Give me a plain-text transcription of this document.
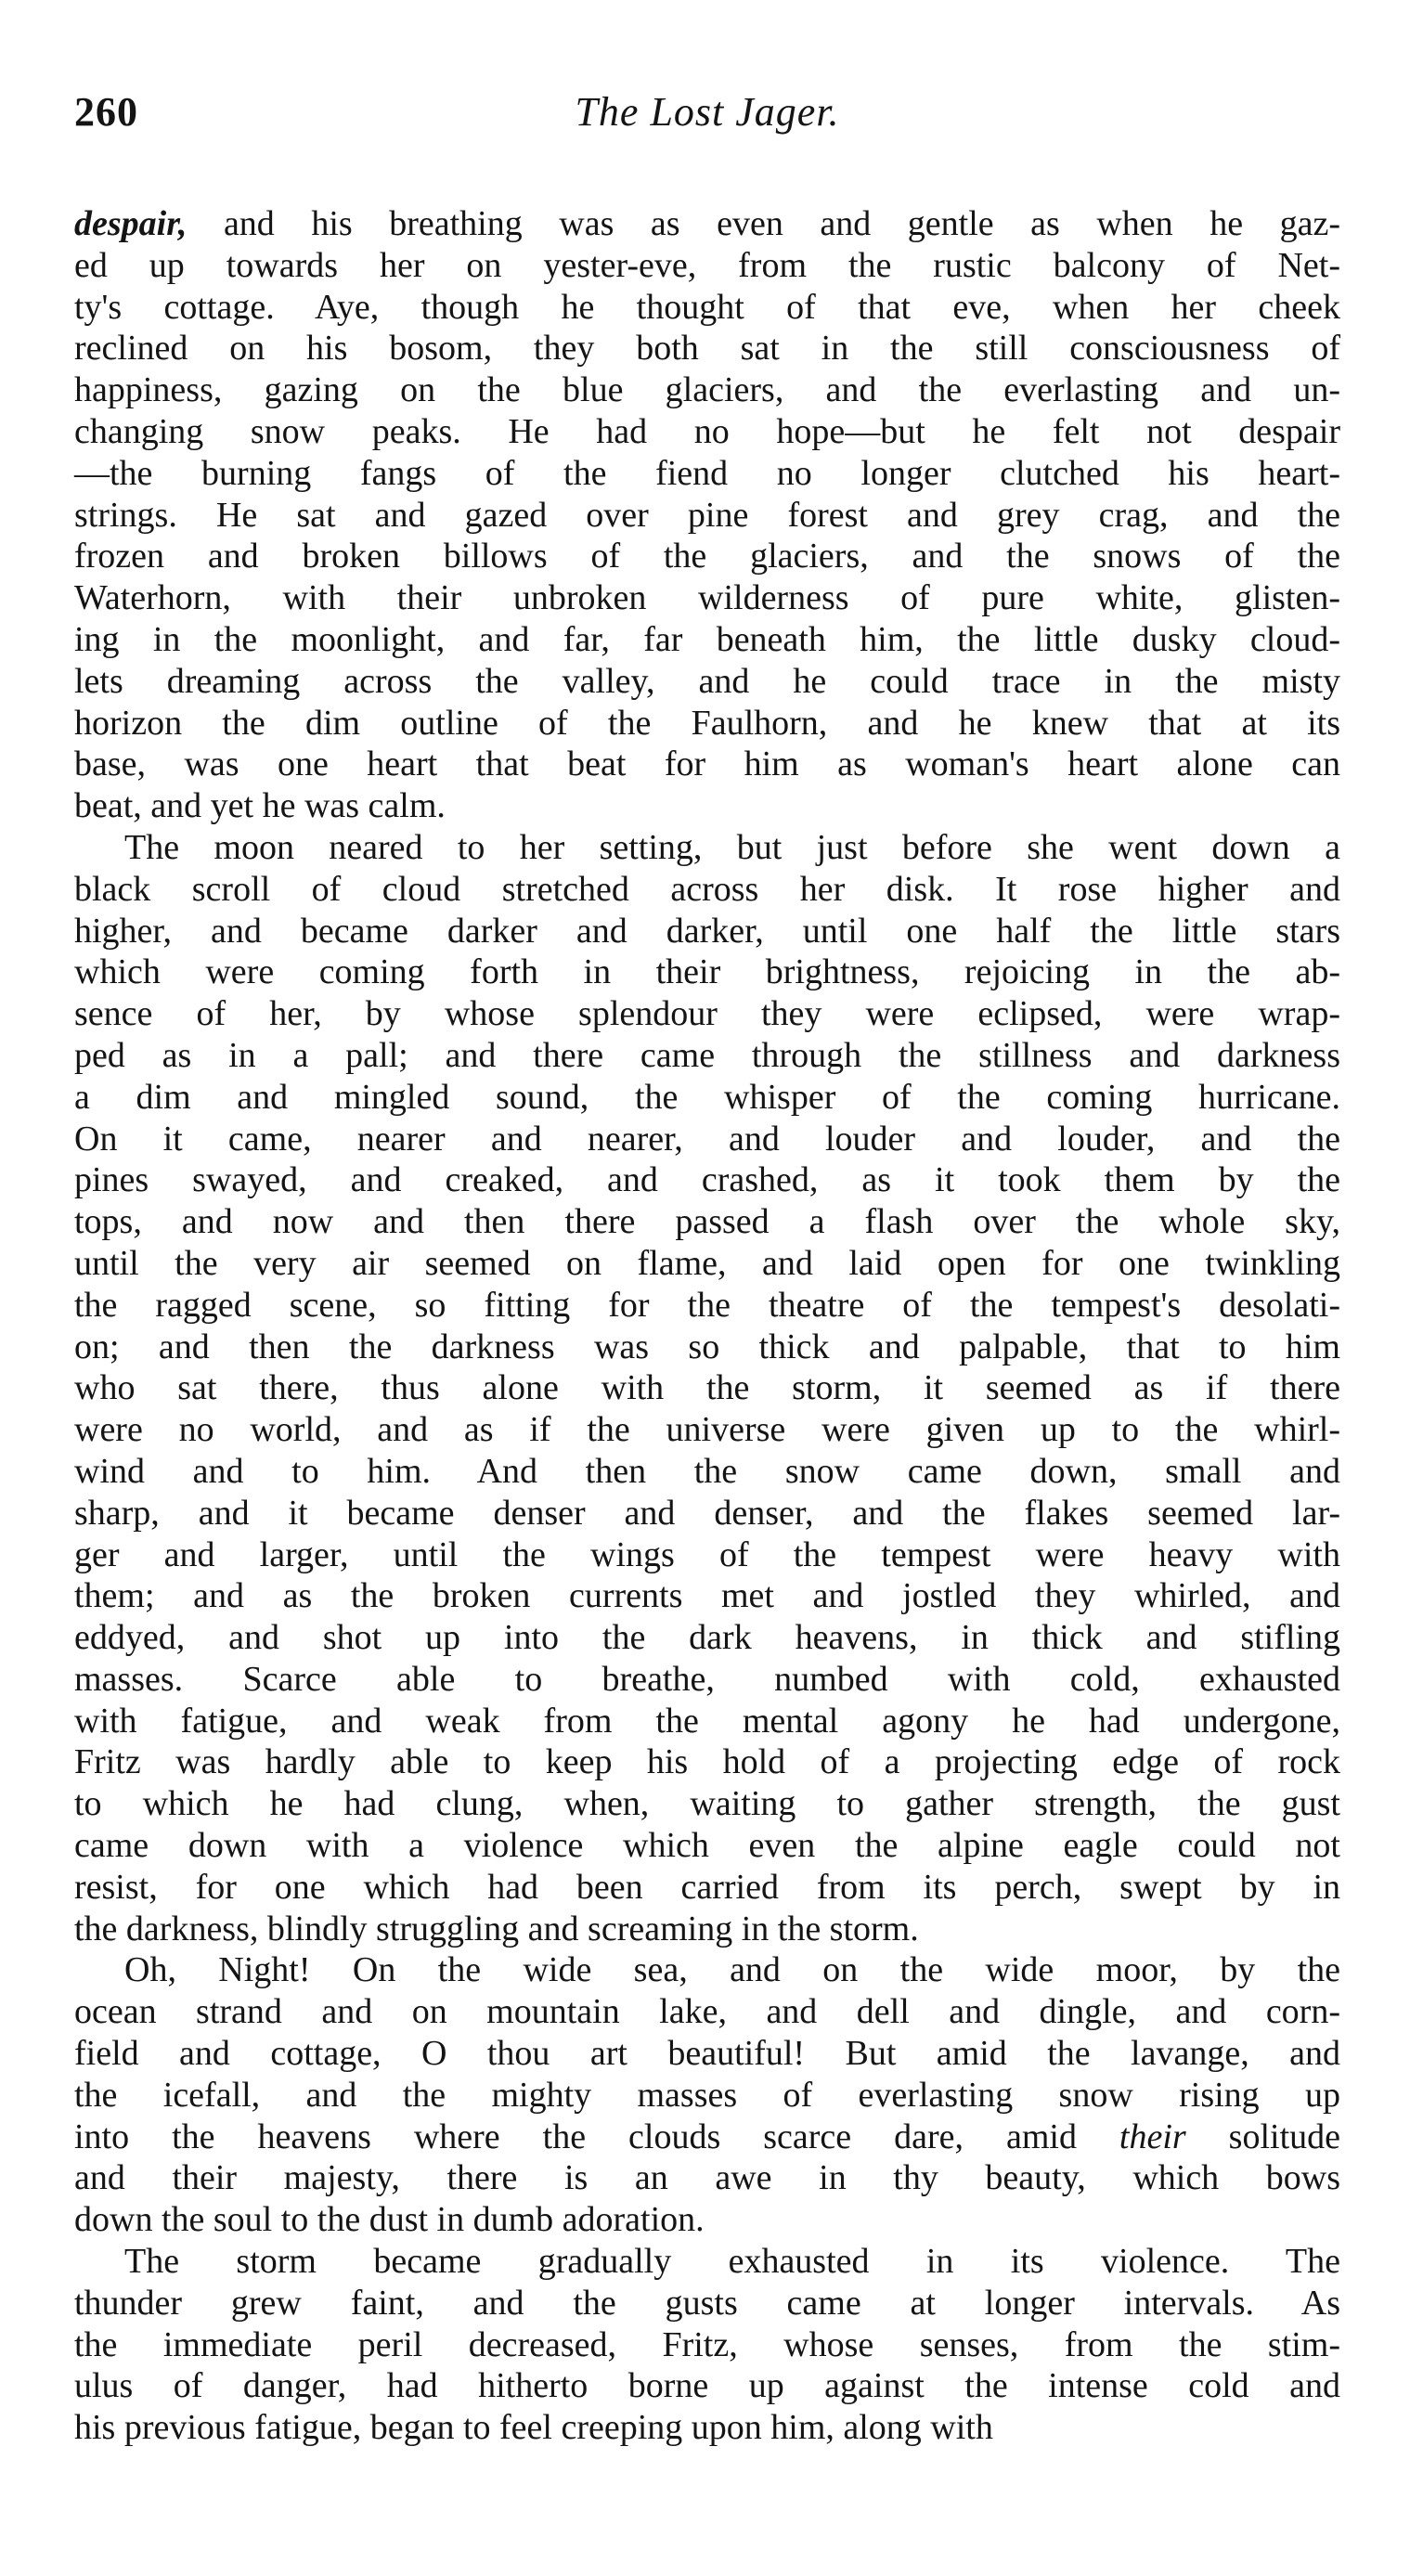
260	The Lost Jager.
despair, and his breathing was as even and gentle as when he gaz-
ed up towards her on yester-eve, from the rustic balcony of Net-
ty's cottage. Aye, though he thought of that eve, when her cheek
reclined on his bosom, they both sat in the still consciousness of
happiness, gazing on the blue glaciers, and the everlasting and un-
changing snow peaks. He had no hope—but he felt not despair
—the burning fangs of the fiend no longer clutched his heart-
strings. He sat and gazed over pine forest and grey crag, and the
frozen and broken billows of the glaciers, and the snows of the
Waterhorn, with their unbroken wilderness of pure white, glisten-
ing in the moonlight, and far, far beneath him, the little dusky cloud-
lets dreaming across the valley, and he could trace in the misty
horizon the dim outline of the Faulhorn, and he knew that at its
base, was one heart that beat for him as woman's heart alone can
beat, and yet he was calm.
The moon neared to her setting, but just before she went down a
black scroll of cloud stretched across her disk. It rose higher and
higher, and became darker and darker, until one half the little stars
which were coming forth in their brightness, rejoicing in the ab-
sence of her, by whose splendour they were eclipsed, were wrap-
ped as in a pall; and there came through the stillness and darkness
a dim and mingled sound, the whisper of the coming hurricane.
On it came, nearer and nearer, and louder and louder, and the
pines swayed, and creaked, and crashed, as it took them by the
tops, and now and then there passed a flash over the whole sky,
until the very air seemed on flame, and laid open for one twinkling
the ragged scene, so fitting for the theatre of the tempest's desolati-
on; and then the darkness was so thick and palpable, that to him
who sat there, thus alone with the storm, it seemed as if there
were no world, and as if the universe were given up to the whirl-
wind and to him. And then the snow came down, small and
sharp, and it became denser and denser, and the flakes seemed lar-
ger and larger, until the wings of the tempest were heavy with
them; and as the broken currents met and jostled they whirled, and
eddyed, and shot up into the dark heavens, in thick and stifling
masses. Scarce able to breathe, numbed with cold, exhausted
with fatigue, and weak from the mental agony he had undergone,
Fritz was hardly able to keep his hold of a projecting edge of rock
to which he had clung, when, waiting to gather strength, the gust
came down with a violence which even the alpine eagle could not
resist, for one which had been carried from its perch, swept by in
the darkness, blindly struggling and screaming in the storm.
Oh, Night! On the wide sea, and on the wide moor, by the
ocean strand and on mountain lake, and dell and dingle, and corn-
field and cottage, O thou art beautiful! But amid the lavange, and
the icefall, and the mighty masses of everlasting snow rising up
into the heavens where the clouds scarce dare, amid their solitude
and their majesty, there is an awe in thy beauty, which bows
down the soul to the dust in dumb adoration.
The storm became gradually exhausted in its violence. The
thunder grew faint, and the gusts came at longer intervals. As
the immediate peril decreased, Fritz, whose senses, from the stim-
ulus of danger, had hitherto borne up against the intense cold and
his previous fatigue, began to feel creeping upon him, along with
